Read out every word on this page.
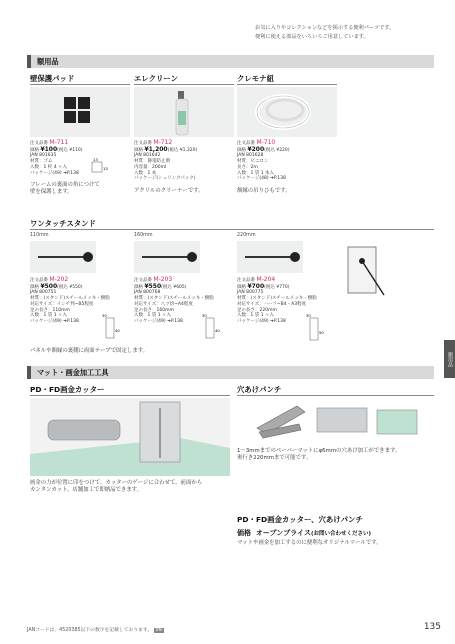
お気に入りやコレクションなどを掲示する便利パーツです。
便利に使える部品をいろいろご用意しています。
額用品
壁保護パッド	エレクリーン	クレモナ紐
注文品番 M-711
価格 ¥100(税込 ¥110)
JAN 801635
材質：ゴム
入数：1 枚 4 ヶ入
パッケージ(49) ➜P.138
13
13
フレームの裏面の角につけて
壁を保護します。
注文品番 M-712
価格 ¥1,200(税込 ¥1,320)
JAN 801642
材質：静電防止剤
内容量：200ml
入数：1 本
パッケージ(シュリンクパック)
アクリルのクリーナーです。
注文品番 M-710
価格 ¥200(税込 ¥220)
JAN 801628
材質：ビニロン
長さ：2m
入数：1 袋 1 本入
パッケージ(48) ➜P.138
額縁の吊りひもです。
ワンタッチスタンド
110mm	160mm	220mm
注文品番 M-202
価格 ¥500(税込 ¥550)
JAN 800751
材質：(スタンド)スチールメッキ・樹脂
対応サイズ：インチ判~B5程度
足の長さ：110mm
入数：1 袋 1 ヶ入
パッケージ(49) ➜P.138
注文品番 M-203
価格 ¥550(税込 ¥605)
JAN 800768
材質：(スタンド)スチールメッキ・樹脂
対応サイズ：八ツ切~A4程度
足の長さ：160mm
入数：1 袋 1 ヶ入
パッケージ(49) ➜P.138
注文品番 M-204
価格 ¥700(税込 ¥770)
JAN 800775
材質：(スタンド)スチールメッキ・樹脂
対応サイズ：ハーフ~B4・A3程度
足の長さ：220mm
入数：1 袋 1 ヶ入
パッケージ(49) ➜P.138
30
40
30
40
30
50
パネルや額縁の裏側に両面テープで固定します。
額用品
マット・画金加工工具
PD・FD画金カッター	穴あけパンチ
画金の力が位置に印をつけて、カッターのゲージに合わせて、前面から
カンタンカット。店舗加工で即納品できます。
1～3mmまでのペーパーマットにφ6mmの穴あけ加工ができます。
奥行き220mmまで可能です。
PD・FD画金カッター、穴あけパンチ
価格 オープンプライス(お問い合わせください)
マットや画金を加工するのに便利なオリジナルツールです。
JANコードは、4520385以下の数字を記載しております。 0N	135
